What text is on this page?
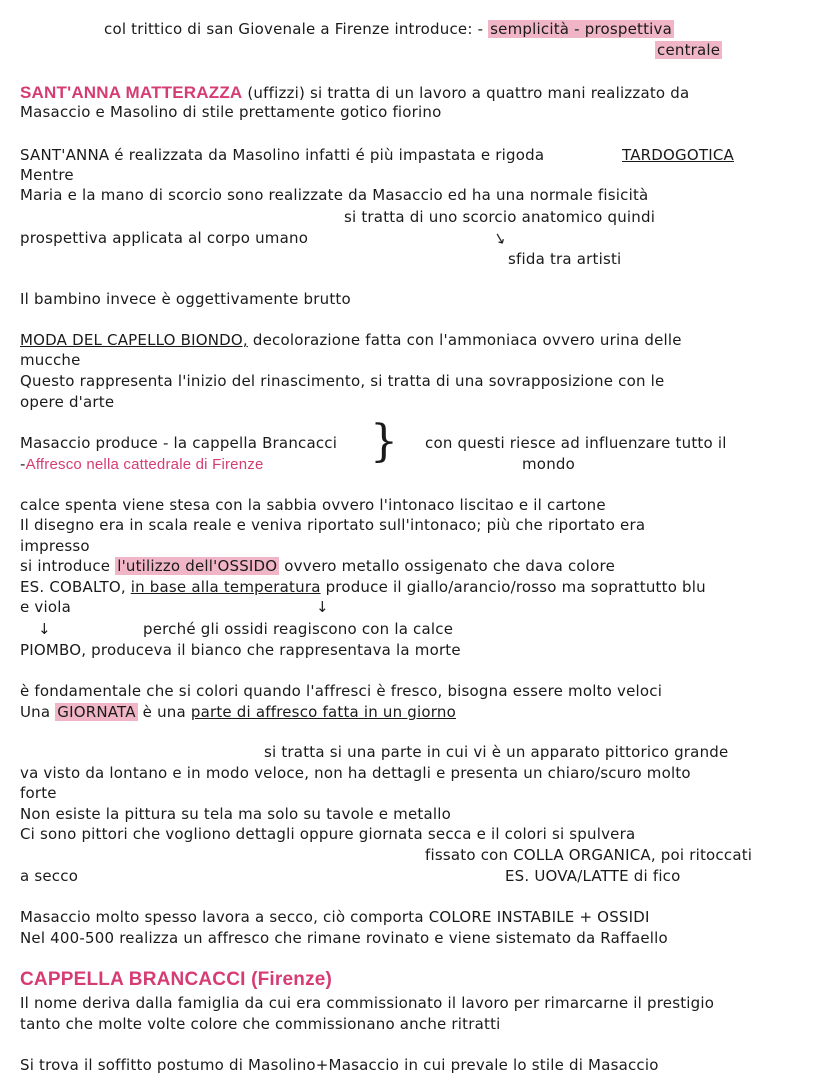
col trittico di san Giovenale a Firenze introduce: - semplicità - prospettiva
centrale
SANT'ANNA MATTERAZZA (uffizzi) si tratta di un lavoro a quattro mani realizzato da
Masaccio e Masolino di stile prettamente gotico fiorino
SANT'ANNA é realizzata da Masolino infatti é più impastata e rigoda	TARDOGOTICA
Mentre
Maria e la mano di scorcio sono realizzate da Masaccio ed ha una normale fisicità
si tratta di uno scorcio anatomico quindi
prospettiva applicata al corpo umano	↓
sfida tra artisti
Il bambino invece è oggettivamente brutto
MODA DEL CAPELLO BIONDO, decolorazione fatta con l'ammoniaca ovvero urina delle
mucche
Questo rappresenta l'inizio del rinascimento, si tratta di una sovrapposizione con le
opere d'arte
Masaccio produce - la cappella Brancacci } con questi riesce ad influenzare tutto il
-Affresco nella cattedrale di Firenze	mondo
calce spenta viene stesa con la sabbia ovvero l'intonaco liscitao e il cartone
Il disegno era in scala reale e veniva riportato sull'intonaco; più che riportato era
impresso
si introduce l'utilizzo dell'OSSIDO ovvero metallo ossigenato che dava colore
ES. COBALTO, in base alla temperatura produce il giallo/arancio/rosso ma soprattutto blu
e viola	↓
↓	perché gli ossidi reagiscono con la calce
PIOMBO, produceva il bianco che rappresentava la morte
è fondamentale che si colori quando l'affresci è fresco, bisogna essere molto veloci
Una GIORNATA è una parte di affresco fatta in un giorno
si tratta si una parte in cui vi è un apparato pittorico grande
va visto da lontano e in modo veloce, non ha dettagli e presenta un chiaro/scuro molto
forte
Non esiste la pittura su tela ma solo su tavole e metallo
Ci sono pittori che vogliono dettagli oppure giornata secca e il colori si spulvera
fissato con COLLA ORGANICA, poi ritoccati
a secco	ES. UOVA/LATTE di fico
Masaccio molto spesso lavora a secco, ciò comporta COLORE INSTABILE + OSSIDI
Nel 400-500 realizza un affresco che rimane rovinato e viene sistemato da Raffaello
CAPPELLA BRANCACCI (Firenze)
Il nome deriva dalla famiglia da cui era commissionato il lavoro per rimarcarne il prestigio
tanto che molte volte colore che commissionano anche ritratti
Si trova il soffitto postumo di Masolino+Masaccio in cui prevale lo stile di Masaccio
